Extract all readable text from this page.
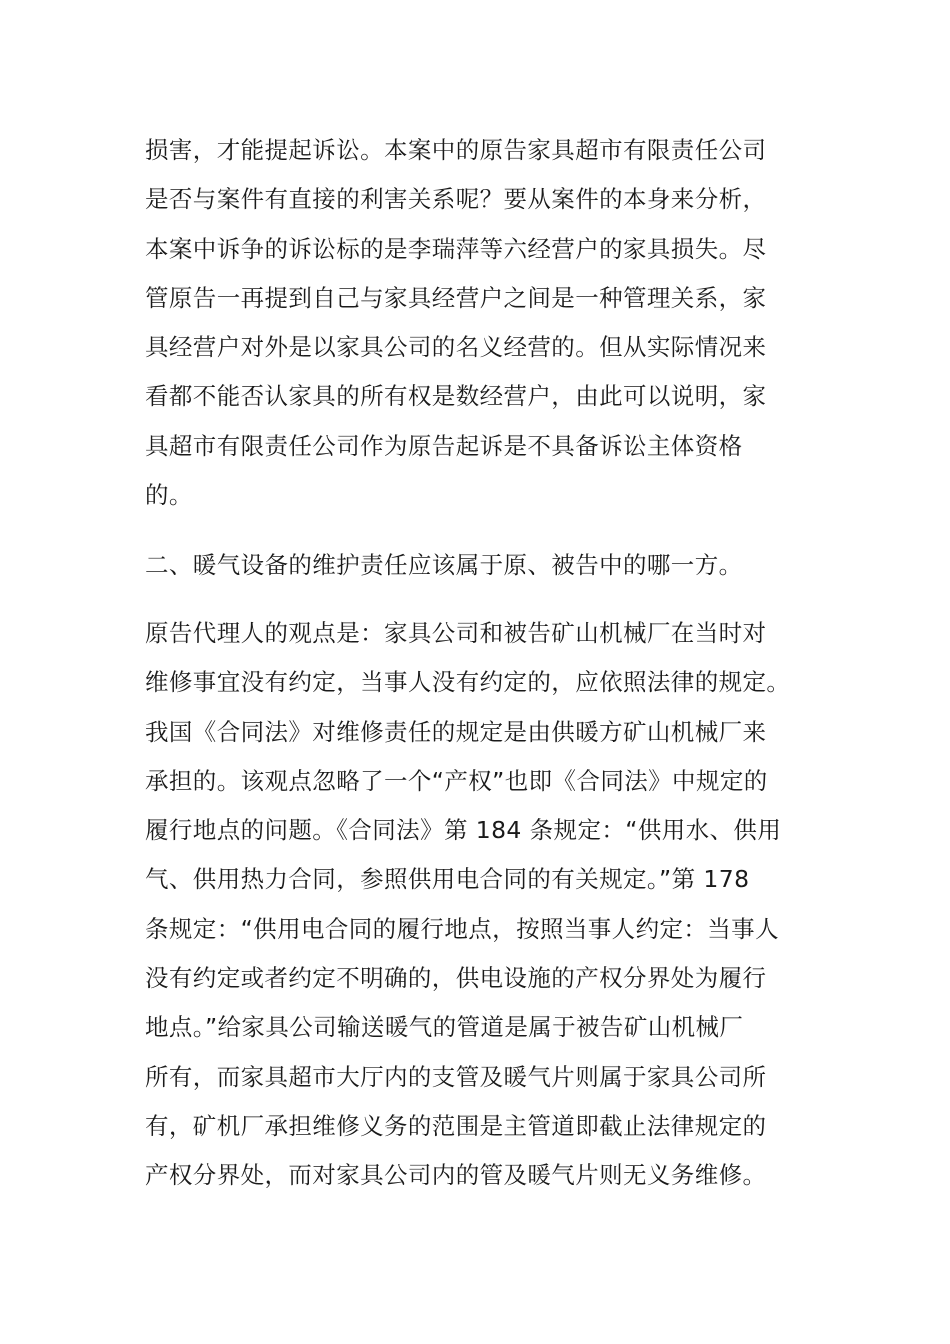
损害，才能提起诉讼。本案中的原告家具超市有限责任公司
是否与案件有直接的利害关系呢？要从案件的本身来分析，
本案中诉争的诉讼标的是李瑞萍等六经营户的家具损失。尽
管原告一再提到自己与家具经营户之间是一种管理关系，家
具经营户对外是以家具公司的名义经营的。但从实际情况来
看都不能否认家具的所有权是数经营户，由此可以说明，家
具超市有限责任公司作为原告起诉是不具备诉讼主体资格
的。
二、暖气设备的维护责任应该属于原、被告中的哪一方。
原告代理人的观点是：家具公司和被告矿山机械厂在当时对
维修事宜没有约定，当事人没有约定的，应依照法律的规定。
我国《合同法》对维修责任的规定是由供暖方矿山机械厂来
承担的。该观点忽略了一个“产权”也即《合同法》中规定的
履行地点的问题。《合同法》第 184 条规定：“供用水、供用
气、供用热力合同，参照供用电合同的有关规定。”第 178
条规定：“供用电合同的履行地点，按照当事人约定：当事人
没有约定或者约定不明确的，供电设施的产权分界处为履行
地点。”给家具公司输送暖气的管道是属于被告矿山机械厂
所有，而家具超市大厅内的支管及暖气片则属于家具公司所
有，矿机厂承担维修义务的范围是主管道即截止法律规定的
产权分界处，而对家具公司内的管及暖气片则无义务维修。
